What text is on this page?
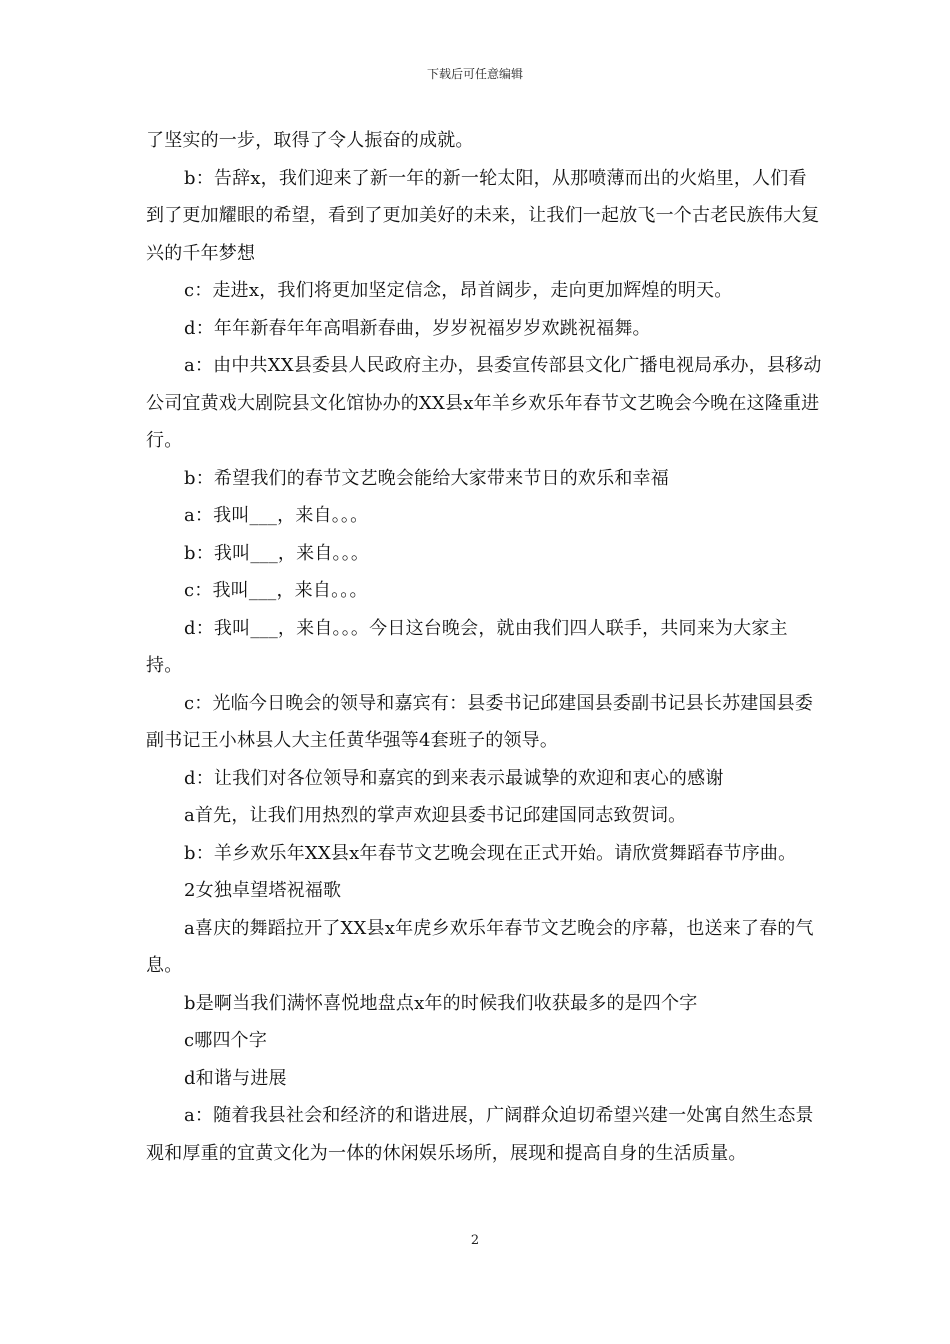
下载后可任意编辑

了坚实的一步，取得了令人振奋的成就。

b：告辞x，我们迎来了新一年的新一轮太阳，从那喷薄而出的火焰里，人们看到了更加耀眼的希望，看到了更加美好的未来，让我们一起放飞一个古老民族伟大复兴的千年梦想

c：走进x，我们将更加坚定信念，昂首阔步，走向更加辉煌的明天。

d：年年新春年年高唱新春曲，岁岁祝福岁岁欢跳祝福舞。

a：由中共XX县委县人民政府主办，县委宣传部县文化广播电视局承办，县移动公司宜黄戏大剧院县文化馆协办的XX县x年羊乡欢乐年春节文艺晚会今晚在这隆重进行。

b：希望我们的春节文艺晚会能给大家带来节日的欢乐和幸福

a：我叫___，来自。。。

b：我叫___，来自。。。

c：我叫___，来自。。。

d：我叫___，来自。。。今日这台晚会，就由我们四人联手，共同来为大家主持。

c：光临今日晚会的领导和嘉宾有：县委书记邱建国县委副书记县长苏建国县委副书记王小林县人大主任黄华强等4套班子的领导。

d：让我们对各位领导和嘉宾的到来表示最诚挚的欢迎和衷心的感谢

a首先，让我们用热烈的掌声欢迎县委书记邱建国同志致贺词。

b：羊乡欢乐年XX县x年春节文艺晚会现在正式开始。请欣赏舞蹈春节序曲。

2女独卓望塔祝福歌

a喜庆的舞蹈拉开了XX县x年虎乡欢乐年春节文艺晚会的序幕，也送来了春的气息。

b是啊当我们满怀喜悦地盘点x年的时候我们收获最多的是四个字

c哪四个字

d和谐与进展

a：随着我县社会和经济的和谐进展，广阔群众迫切希望兴建一处寓自然生态景观和厚重的宜黄文化为一体的休闲娱乐场所，展现和提高自身的生活质量。

2
